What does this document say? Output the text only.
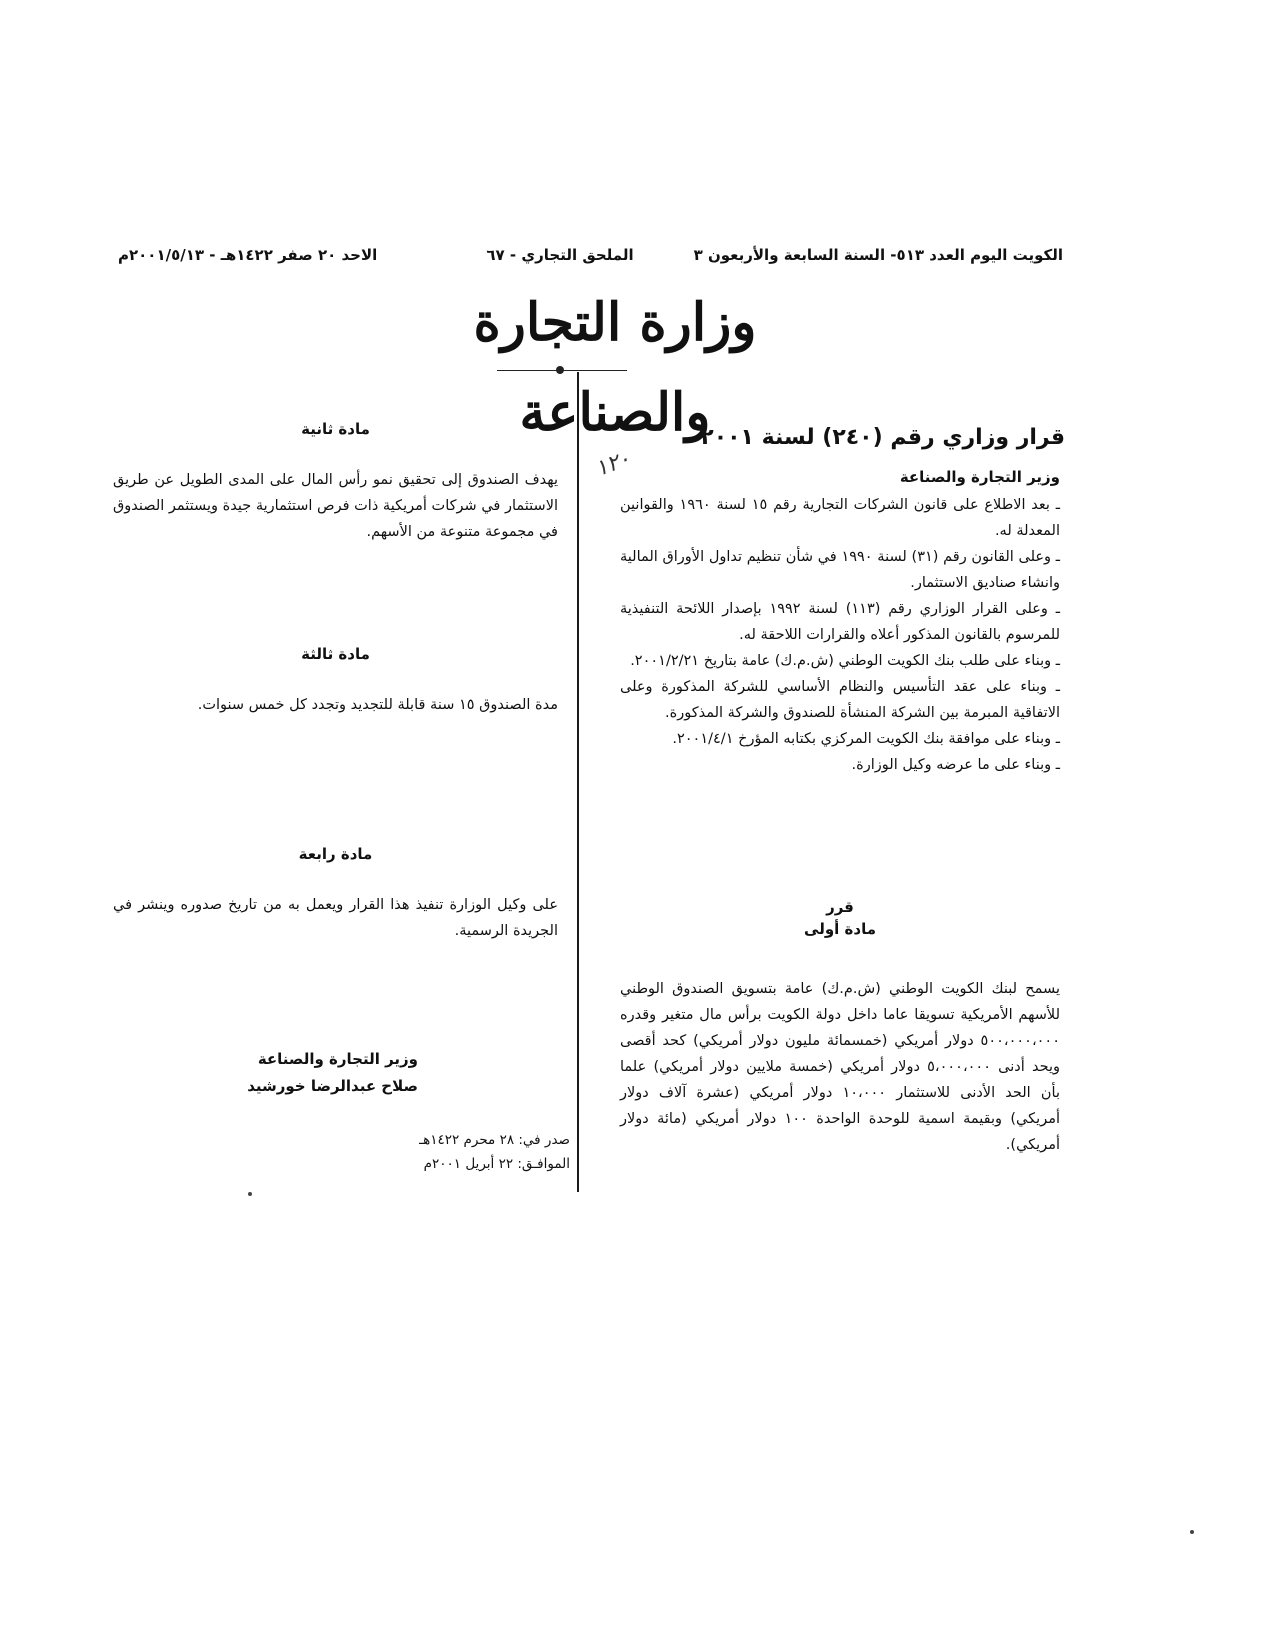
الكويت اليوم العدد ٥١٣- السنة السابعة والأربعون ٣
الملحق التجاري - ٦٧
الاحد ٢٠ صفر ١٤٢٢هـ - ٢٠٠١/٥/١٣م
وزارة التجارة والصناعة
قرار وزاري رقم (٢٤٠) لسنة ٢٠٠١
١٢٠	وزير التجارة والصناعة

ـ بعد الاطلاع على قانون الشركات التجارية رقم ١٥ لسنة ١٩٦٠ والقوانين المعدلة له.

ـ وعلى القانون رقم (٣١) لسنة ١٩٩٠ في شأن تنظيم تداول الأوراق المالية وانشاء صناديق الاستثمار.

ـ وعلى القرار الوزاري رقم (١١٣) لسنة ١٩٩٢ بإصدار اللائحة التنفيذية للمرسوم بالقانون المذكور أعلاه والقرارات اللاحقة له.

ـ وبناء على طلب بنك الكويت الوطني (ش.م.ك) عامة بتاريخ ٢٠٠١/٢/٢١.

ـ وبناء على عقد التأسيس والنظام الأساسي للشركة المذكورة وعلى الاتفاقية المبرمة بين الشركة المنشأة للصندوق والشركة المذكورة.

ـ وبناء على موافقة بنك الكويت المركزي بكتابه المؤرخ ٢٠٠١/٤/١.

ـ وبناء على ما عرضه وكيل الوزارة.

قرر
مادة أولى

يسمح لبنك الكويت الوطني (ش.م.ك) عامة بتسويق الصندوق الوطني للأسهم الأمريكية تسويقا عاما داخل دولة الكويت برأس مال متغير وقدره ٥٠٠،٠٠٠،٠٠٠ دولار أمريكي (خمسمائة مليون دولار أمريكي) كحد أقصى ويحد أدنى ٥،٠٠٠،٠٠٠ دولار أمريكي (خمسة ملايين دولار أمريكي) علما بأن الحد الأدنى للاستثمار ١٠،٠٠٠ دولار أمريكي (عشرة آلاف دولار أمريكي) وبقيمة اسمية للوحدة الواحدة ١٠٠ دولار أمريكي (مائة دولار أمريكي).

مادة ثانية

يهدف الصندوق إلى تحقيق نمو رأس المال على المدى الطويل عن طريق الاستثمار في شركات أمريكية ذات فرص استثمارية جيدة ويستثمر الصندوق في مجموعة متنوعة من الأسهم.

مادة ثالثة

مدة الصندوق ١٥ سنة قابلة للتجديد وتجدد كل خمس سنوات.

مادة رابعة

على وكيل الوزارة تنفيذ هذا القرار ويعمل به من تاريخ صدوره وينشر في الجريدة الرسمية.

وزير التجارة والصناعة
صلاح عبدالرضا خورشيد
صدر في: ٢٨ محرم ١٤٢٢هـ
الموافـق: ٢٢ أبريل ٢٠٠١م
